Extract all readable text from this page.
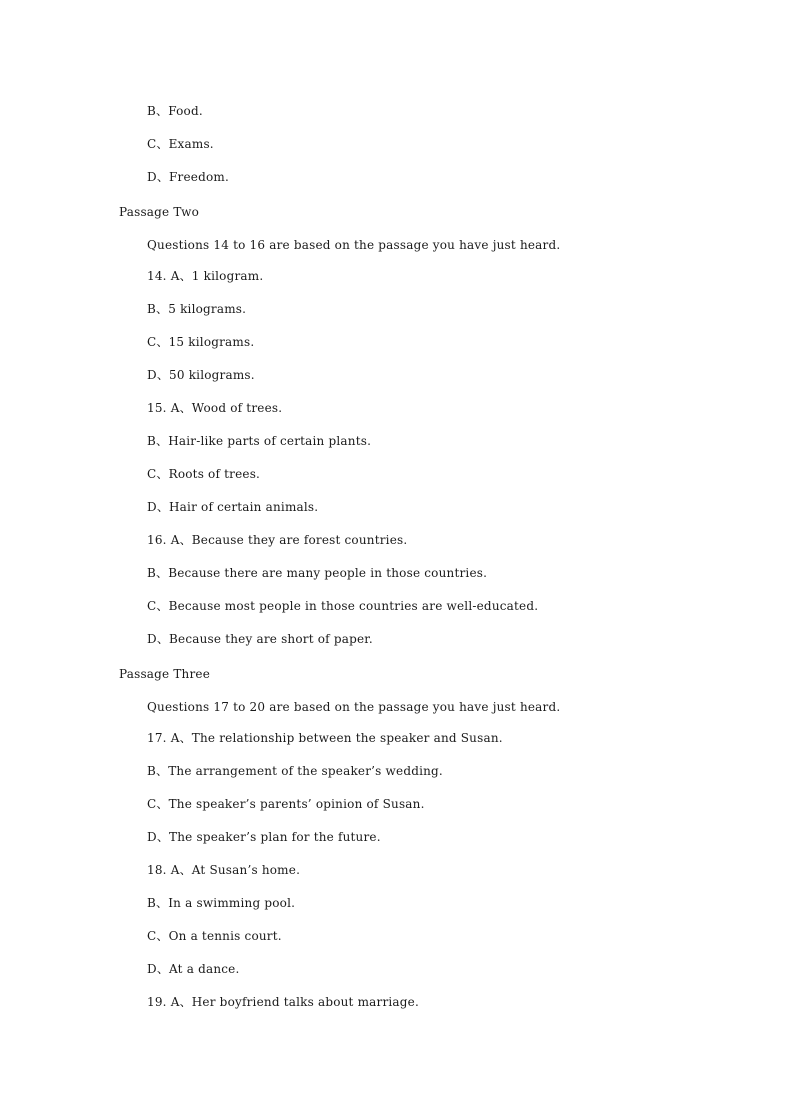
B、Food.
C、Exams.
D、Freedom.
Passage Two
Questions 14 to 16 are based on the passage you have just heard.
14. A、1 kilogram.
B、5 kilograms.
C、15 kilograms.
D、50 kilograms.
15. A、Wood of trees.
B、Hair-like parts of certain plants.
C、Roots of trees.
D、Hair of certain animals.
16. A、Because they are forest countries.
B、Because there are many people in those countries.
C、Because most people in those countries are well-educated.
D、Because they are short of paper.
Passage Three
Questions 17 to 20 are based on the passage you have just heard.
17. A、The relationship between the speaker and Susan.
B、The arrangement of the speaker’s wedding.
C、The speaker’s parents’ opinion of Susan.
D、The speaker’s plan for the future.
18. A、At Susan’s home.
B、In a swimming pool.
C、On a tennis court.
D、At a dance.
19. A、Her boyfriend talks about marriage.
